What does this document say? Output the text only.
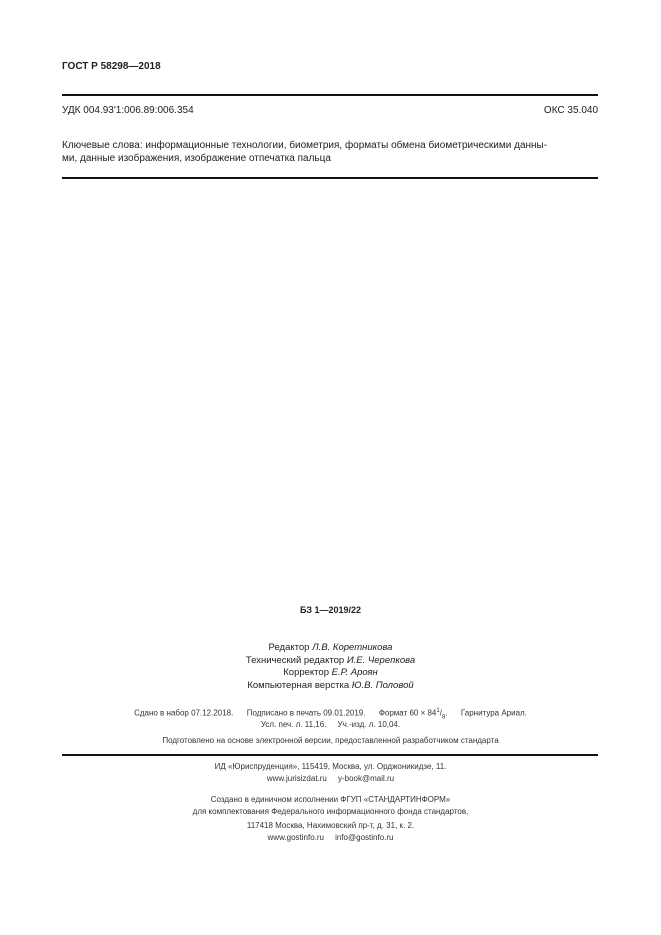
ГОСТ Р 58298—2018
УДК 004.93'1:006.89:006.354	ОКС 35.040
Ключевые слова: информационные технологии, биометрия, форматы обмена биометрическими данны-
ми, данные изображения, изображение отпечатка пальца
БЗ 1—2019/22
Редактор Л.В. Коретникова
Технический редактор И.Е. Черепкова
Корректор Е.Р. Ароян
Компьютерная верстка Ю.В. Половой
Сдано в набор 07.12.2018. Подписано в печать 09.01.2019. Формат $60 \times 84^1/_8$. Гарнитура Ариал.
Усл. печ. л. 11,16.     Уч.-изд. л. 10,04.
Подготовлено на основе электронной версии, предоставленной разработчиком стандарта
ИД «Юриспруденция», 115419, Москва, ул. Орджоникидзе, 11.
www.jurisizdat.ru     y-book@mail.ru
Создано в единичном исполнении ФГУП «СТАНДАРТИНФОРМ»
для комплектования Федерального информационного фонда стандартов,
117418 Москва, Нахимовский пр-т, д. 31, к. 2.
www.gostinfo.ru     info@gostinfo.ru
